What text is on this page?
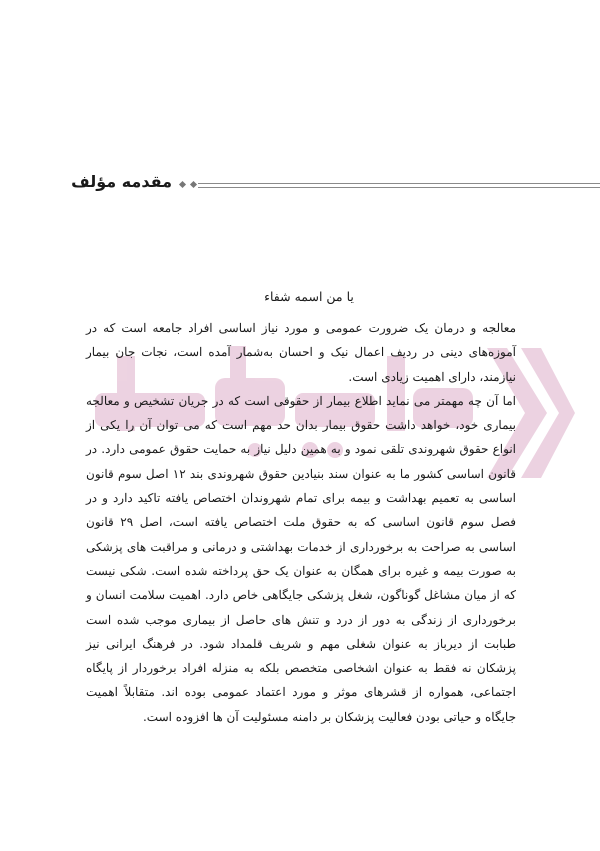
مقدمه مؤلف
یا من اسمه شفاء

معالجه و درمان یک ضرورت عمومی و مورد نیاز اساسی افراد جامعه است که در آموزه‌های دینی در ردیف اعمال نیک و احسان به‌شمار آمده است، نجات جان بیمار نیازمند، دارای اهمیت زیادی است.

اما آن چه مهمتر می نماید اطلاع بیمار از حقوقی است که در جریان تشخیص و معالجه بیماری خود، خواهد داشت حقوق بیمار بدان حد مهم است که می توان آن را یکی از انواع حقوق شهروندی تلقی نمود و به همین دلیل نیاز به حمایت حقوق عمومی دارد. در قانون اساسی کشور ما به عنوان سند بنیادین حقوق شهروندی بند ۱۲ اصل سوم قانون اساسی به تعمیم بهداشت و بیمه برای تمام شهروندان اختصاص یافته تاکید دارد و در فصل سوم قانون اساسی که به حقوق ملت اختصاص یافته است، اصل ۲۹ قانون اساسی به صراحت به برخورداری از خدمات بهداشتی و درمانی و مراقبت های پزشکی به صورت بیمه و غیره برای همگان به عنوان یک حق پرداخته شده است. شکی نیست که از میان مشاغل گوناگون، شغل پزشکی جایگاهی خاص دارد. اهمیت سلامت انسان و برخورداری از زندگی به دور از درد و تنش های حاصل از بیماری موجب شده است طبابت از دیرباز به عنوان شغلی مهم و شریف قلمداد شود. در فرهنگ ایرانی نیز پزشکان نه فقط به عنوان اشخاصی متخصص بلکه به منزله افراد برخوردار از پایگاه اجتماعی، همواره از قشرهای موثر و مورد اعتماد عمومی بوده اند. متقابلاً اهمیت جایگاه و حیاتی بودن فعالیت پزشکان بر دامنه مسئولیت آن ها افزوده است.
